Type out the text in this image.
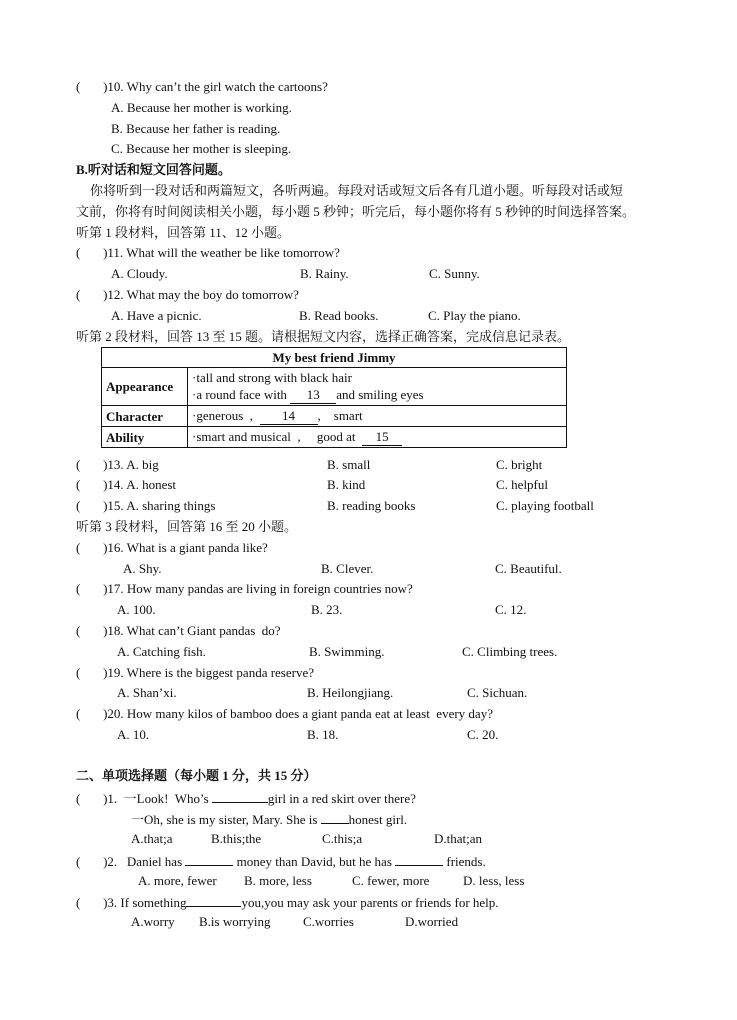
(       )10. Why can’t the girl watch the cartoons?
A. Because her mother is working.
B. Because her father is reading.
C. Because her mother is sleeping.
B.听对话和短文回答问题。
你将听到一段对话和两篇短文，各听两遍。每段对话或短文后各有几道小题。听每段对话或短
文前，你将有时间阅读相关小题，每小题 5 秒钟；听完后，每小题你将有 5 秒钟的时间选择答案。
听第 1 段材料，回答第 11、12 小题。
(       )11. What will the weather be like tomorrow?
A. Cloudy.	B. Rainy.	C. Sunny.
(       )12. What may the boy do tomorrow?
A. Have a picnic.	B. Read books.	C. Play the piano.
听第 2 段材料，回答 13 至 15 题。请根据短文内容，选择正确答案，完成信息记录表。
My best friend Jimmy	
Appearance	·tall and strong with black hair
·a round face with 13 and smiling eyes

Character	·generous  ,  14 ,    smart
Ability	·smart and musical  ,     good at  15
(       )13. A. big	B. small	C. bright
(       )14. A. honest	B. kind	C. helpful
(       )15. A. sharing things	B. reading books	C. playing football
听第 3 段材料，回答第 16 至 20 小题。
(       )16. What is a giant panda like?
A. Shy.	B. Clever.	C. Beautiful.
(       )17. How many pandas are living in foreign countries now?
A. 100.	B. 23.	C. 12.
(       )18. What can’t Giant pandas  do?
A. Catching fish.	B. Swimming.	C. Climbing trees.
(       )19. Where is the biggest panda reserve?
A. Shan’xi.	B. Heilongjiang.	C. Sichuan.
(       )20. How many kilos of bamboo does a giant panda eat at least  every day?
A. 10.	B. 18.	C. 20.
二、单项选择题（每小题 1 分，共 15 分）
(       )1.  一Look!  Who’s	girl in a red skirt over there?
一Oh, she is my sister, Mary. She is honest girl.
A.that;a	B.this;the	C.this;a	D.that;an
(       )2.   Daniel has	money than David, but he has	friends.
A. more, fewer B. more, less	C. fewer, more	D. less, less
(       )3. If something	you,you may ask your parents or friends for help.
A.worry B.is worrying	C.worries	D.worried
